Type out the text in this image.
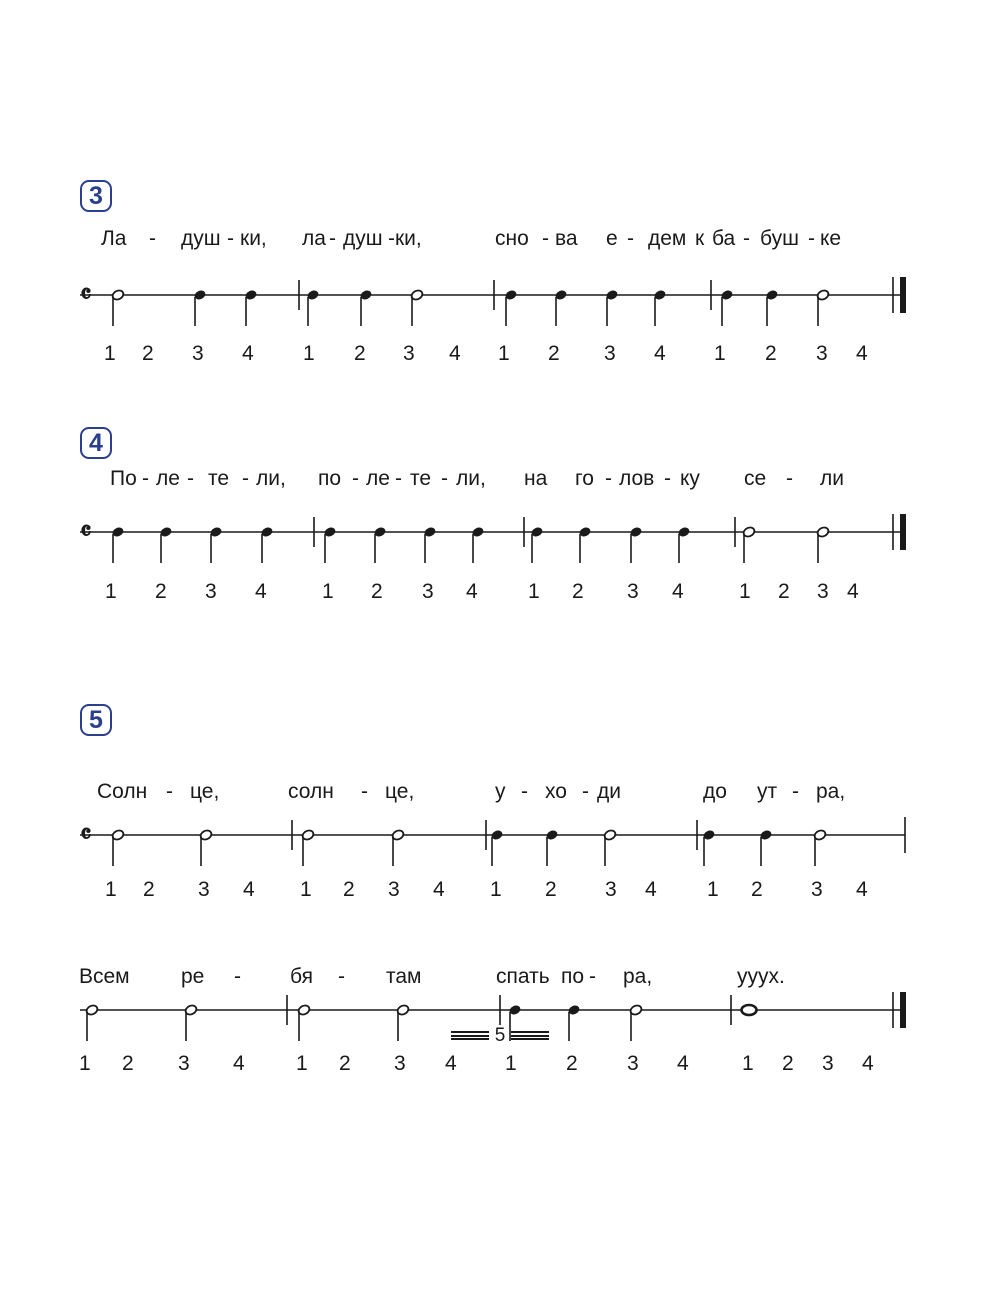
3
Ла - душ - ки, ла - душ -ки,	сно - ва е - дем к ба - буш - ке
𝄴
1 2 3 4 1 2 3 4 1 2 3 4 1 2 3 4
4
По - ле - те - ли, по - ле - те - ли, на го - лов - ку се - ли
𝄴
1 2 3 4	1 2 3 4 1 2 3 4	1 2 3 4
5
Солн - це,	солн - це,	у - хо - ди	до ут - ра,
𝄴
1 2 3 4 1 2 3 4 1 2 3 4 1 2 3 4
Всем ре - бя - там	спать по - ра,	ууух.
1 2 3 4 1 2 3 4 1 2 3 4	1 2 3 4
5
